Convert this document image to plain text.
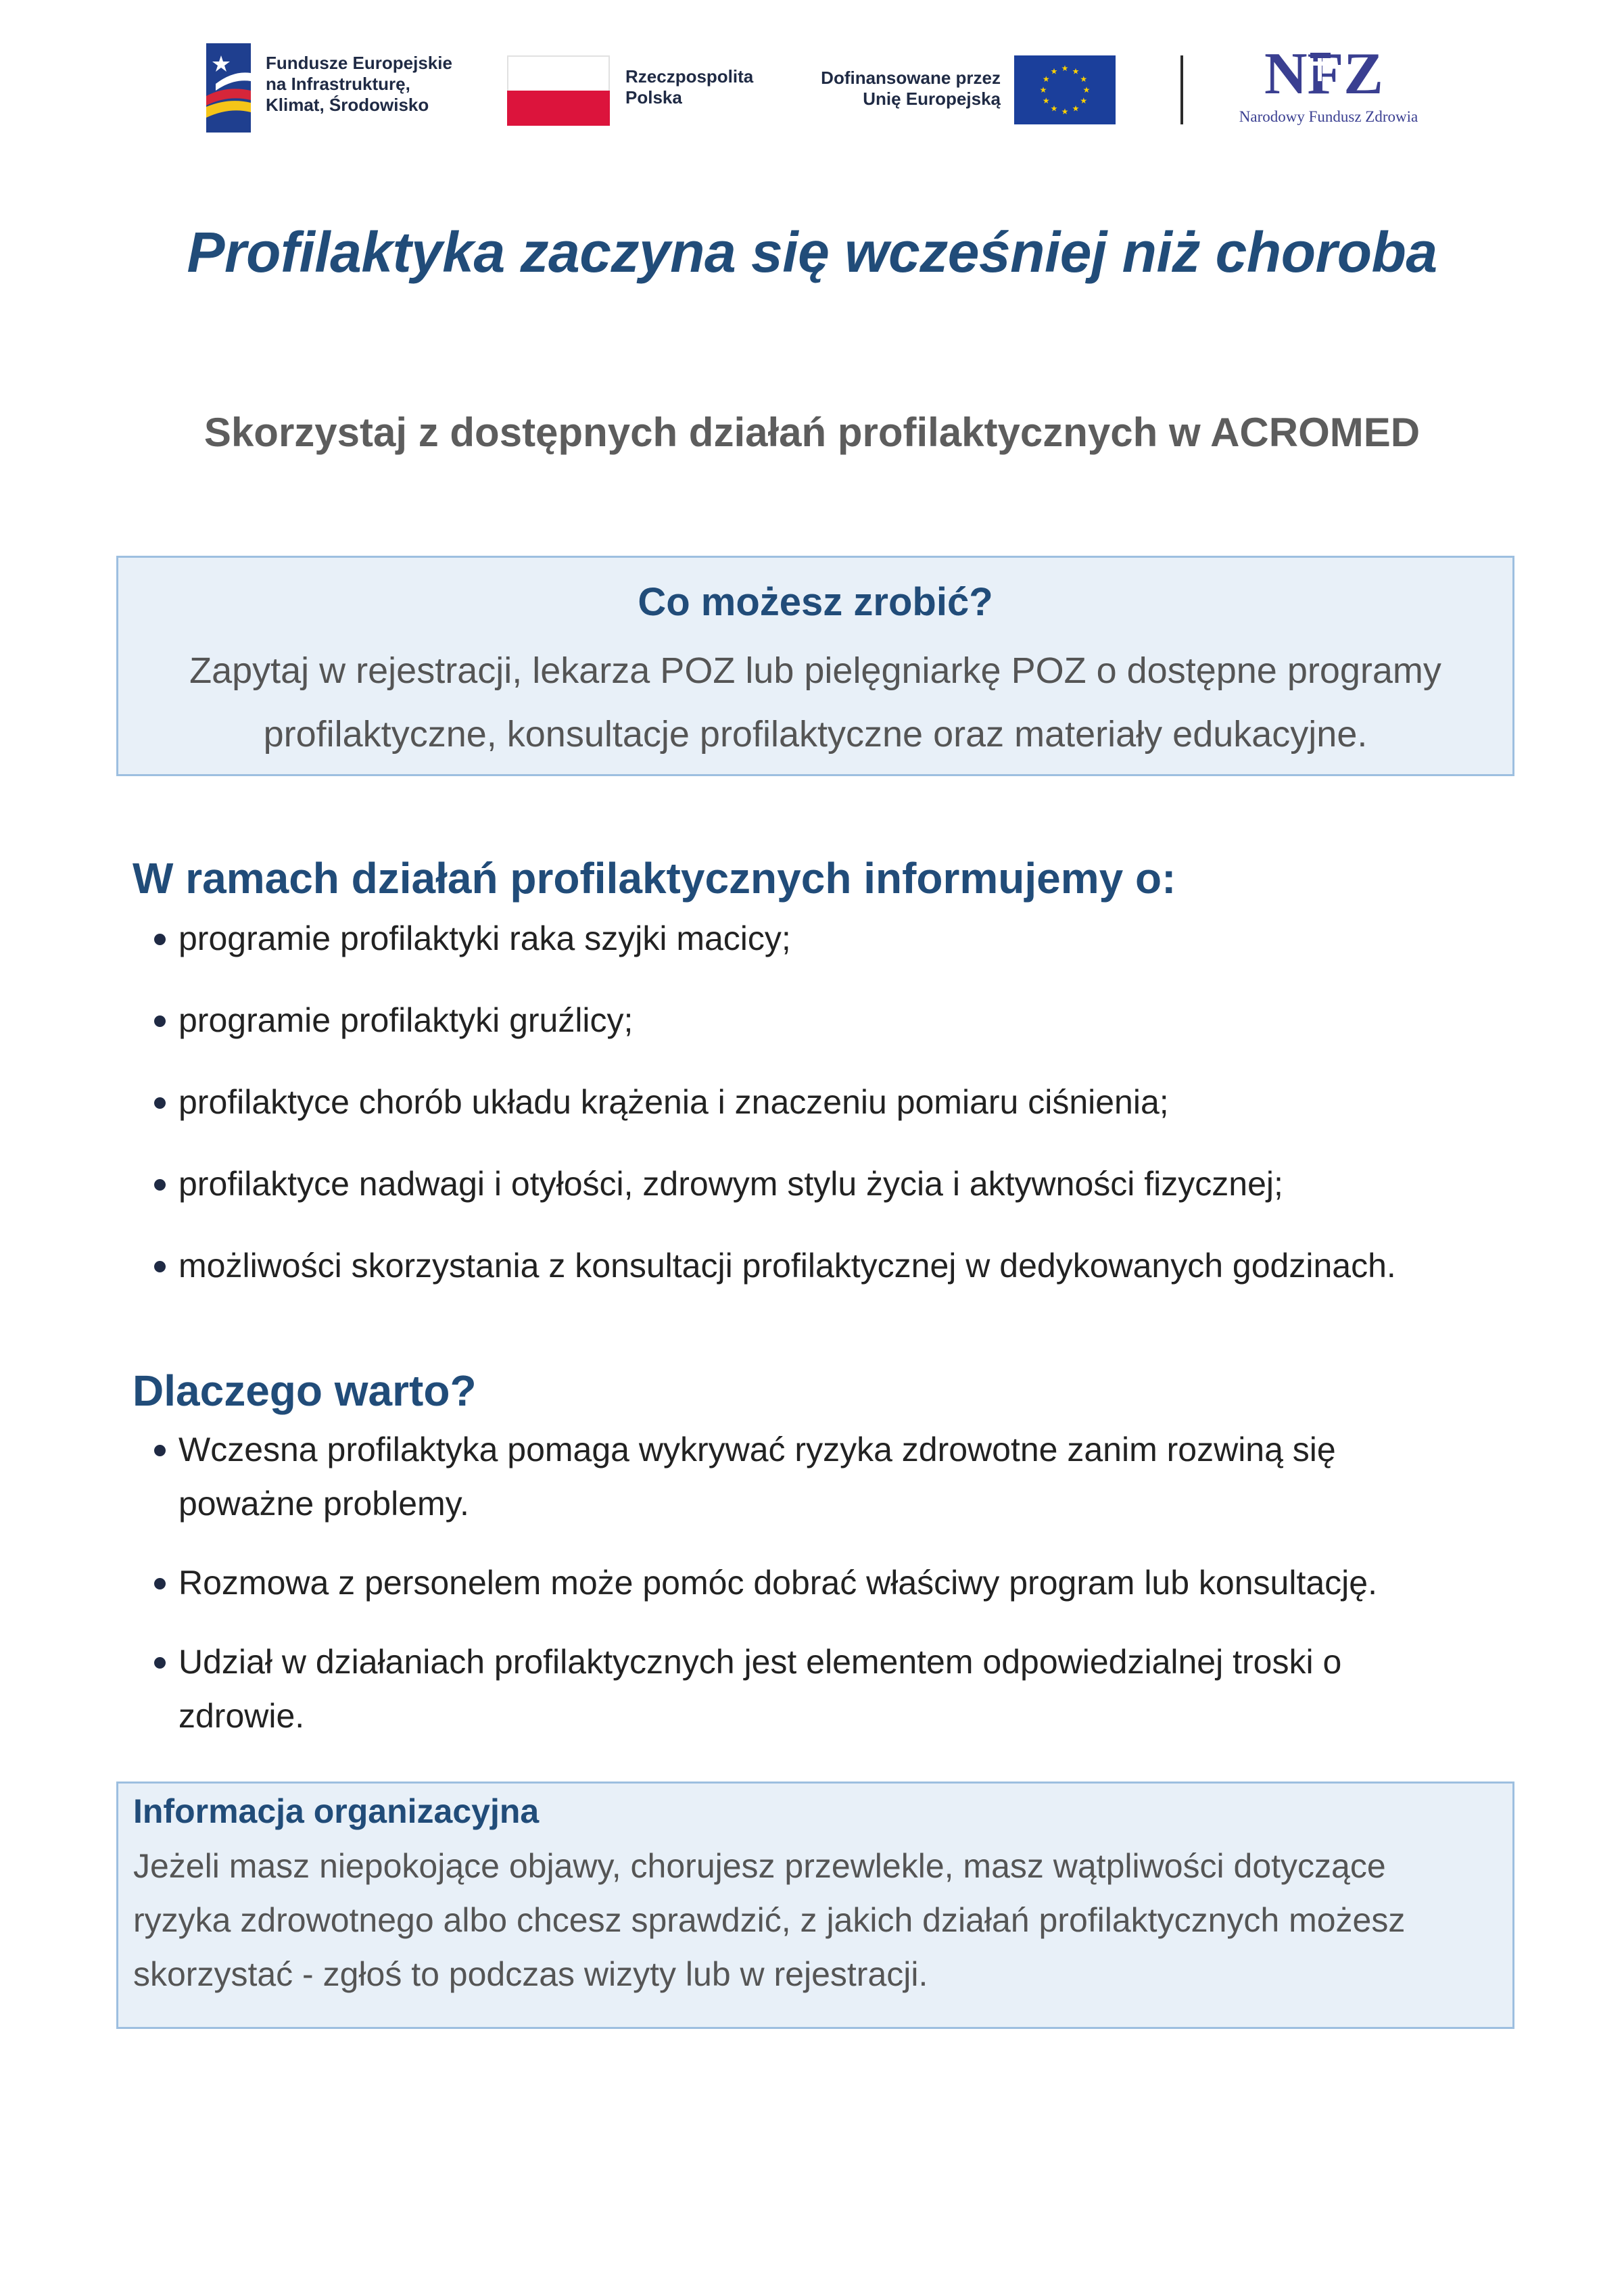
Fundusze Europejskie
na Infrastrukturę,
Klimat, Środowisko
Rzeczpospolita
Polska
Dofinansowane przez
Unię Europejską
★ ★
★
★
★
★
★
★
★
★
★
★	NFZ
Narodowy Fundusz Zdrowia
Profilaktyka zaczyna się wcześniej niż choroba
Skorzystaj z dostępnych działań profilaktycznych w ACROMED
Co możesz zrobić?
Zapytaj w rejestracji, lekarza POZ lub pielęgniarkę POZ o dostępne programy profilaktyczne, konsultacje profilaktyczne oraz materiały edukacyjne.
W ramach działań profilaktycznych informujemy o:
programie profilaktyki raka szyjki macicy;
programie profilaktyki gruźlicy;
profilaktyce chorób układu krążenia i znaczeniu pomiaru ciśnienia;
profilaktyce nadwagi i otyłości, zdrowym stylu życia i aktywności fizycznej;
możliwości skorzystania z konsultacji profilaktycznej w dedykowanych godzinach.
Dlaczego warto?
Wczesna profilaktyka pomaga wykrywać ryzyka zdrowotne zanim rozwiną się poważne problemy.
Rozmowa z personelem może pomóc dobrać właściwy program lub konsultację.
Udział w działaniach profilaktycznych jest elementem odpowiedzialnej troski o zdrowie.
Informacja organizacyjna
Jeżeli masz niepokojące objawy, chorujesz przewlekle, masz wątpliwości dotyczące ryzyka zdrowotnego albo chcesz sprawdzić, z jakich działań profilaktycznych możesz skorzystać - zgłoś to podczas wizyty lub w rejestracji.
